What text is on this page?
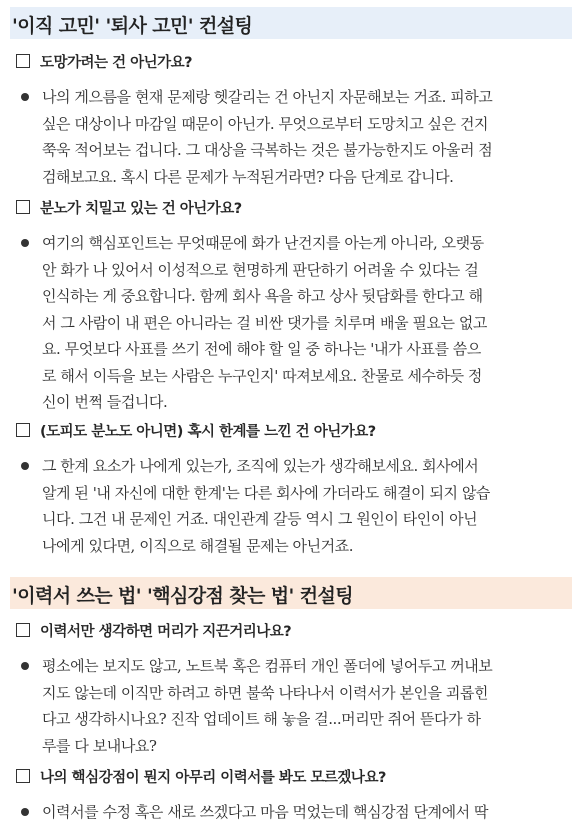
'이직 고민' '퇴사 고민' 컨설팅
도망가려는 건 아닌가요?
나의 게으름을 현재 문제랑 헷갈리는 건 아닌지 자문해보는 거죠. 피하고
싶은 대상이나 마감일 때문이 아닌가. 무엇으로부터 도망치고 싶은 건지
쭉욱 적어보는 겁니다. 그 대상을 극복하는 것은 불가능한지도 아울러 점
검해보고요. 혹시 다른 문제가 누적된거라면? 다음 단계로 갑니다.
분노가 치밀고 있는 건 아닌가요?
여기의 핵심포인트는 무엇때문에 화가 난건지를 아는게 아니라, 오랫동
안 화가 나 있어서 이성적으로 현명하게 판단하기 어려울 수 있다는 걸
인식하는 게 중요합니다. 함께 회사 욕을 하고 상사 뒷담화를 한다고 해
서 그 사람이 내 편은 아니라는 걸 비싼 댓가를 치루며 배울 필요는 없고
요. 무엇보다 사표를 쓰기 전에 해야 할 일 중 하나는 '내가 사표를 씀으
로 해서 이득을 보는 사람은 누구인지' 따져보세요. 찬물로 세수하듯 정
신이 번쩍 들겁니다.
(도피도 분노도 아니면) 혹시 한계를 느낀 건 아닌가요?
그 한계 요소가 나에게 있는가, 조직에 있는가 생각해보세요. 회사에서
알게 된 '내 자신에 대한 한계'는 다른 회사에 가더라도 해결이 되지 않습
니다. 그건 내 문제인 거죠. 대인관계 갈등 역시 그 원인이 타인이 아닌
나에게 있다면, 이직으로 해결될 문제는 아닌거죠.
'이력서 쓰는 법' '핵심강점 찾는 법' 컨설팅
이력서만 생각하면 머리가 지끈거리나요?
평소에는 보지도 않고, 노트북 혹은 컴퓨터 개인 폴더에 넣어두고 꺼내보
지도 않는데 이직만 하려고 하면 불쑥 나타나서 이력서가 본인을 괴롭힌
다고 생각하시나요? 진작 업데이트 해 놓을 걸...머리만 쥐어 뜯다가 하
루를 다 보내나요?
나의 핵심강점이 뭔지 아무리 이력서를 봐도 모르겠나요?
이력서를 수정 혹은 새로 쓰겠다고 마음 먹었는데 핵심강점 단계에서 딱
